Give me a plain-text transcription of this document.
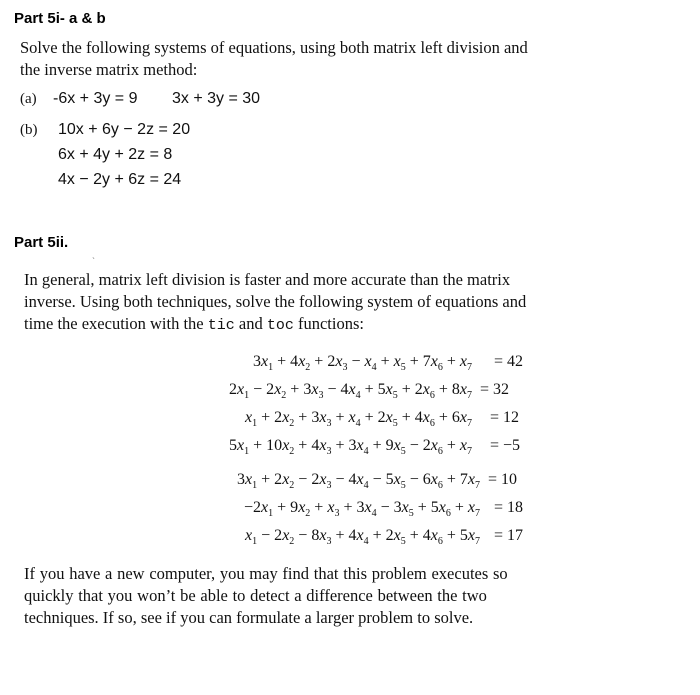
Part 5i- a & b
Solve the following systems of equations, using both matrix left division and
the inverse matrix method:
(a) -6x + 3y = 9 3x + 3y = 30
(b) 10x + 6y − 2z = 20
6x + 4y + 2z = 8
4x − 2y + 6z = 24
Part 5ii.
ˏ
In general, matrix left division is faster and more accurate than the matrix
inverse. Using both techniques, solve the following system of equations and
time the execution with the tic and toc functions:
$3x_1 + 4x_2 + 2x_3 - x_4 + x_5 + 7x_6 + x_7 = 42$
$2x_1 - 2x_2 + 3x_3 - 4x_4 + 5x_5 + 2x_6 + 8x_7 = 32$
$x_1 + 2x_2 + 3x_3 + x_4 + 2x_5 + 4x_6 + 6x_7 = 12$
$5x_1 + 10x_2 + 4x_3 + 3x_4 + 9x_5 - 2x_6 + x_7 = -5$
$3x_1 + 2x_2 - 2x_3 - 4x_4 - 5x_5 - 6x_6 + 7x_7 = 10$
$-2x_1 + 9x_2 + x_3 + 3x_4 - 3x_5 + 5x_6 + x_7 = 18$
$x_1 - 2x_2 - 8x_3 + 4x_4 + 2x_5 + 4x_6 + 5x_7 = 17$
If you have a new computer, you may find that this problem executes so
quickly that you won’t be able to detect a difference between the two
techniques. If so, see if you can formulate a larger problem to solve.
